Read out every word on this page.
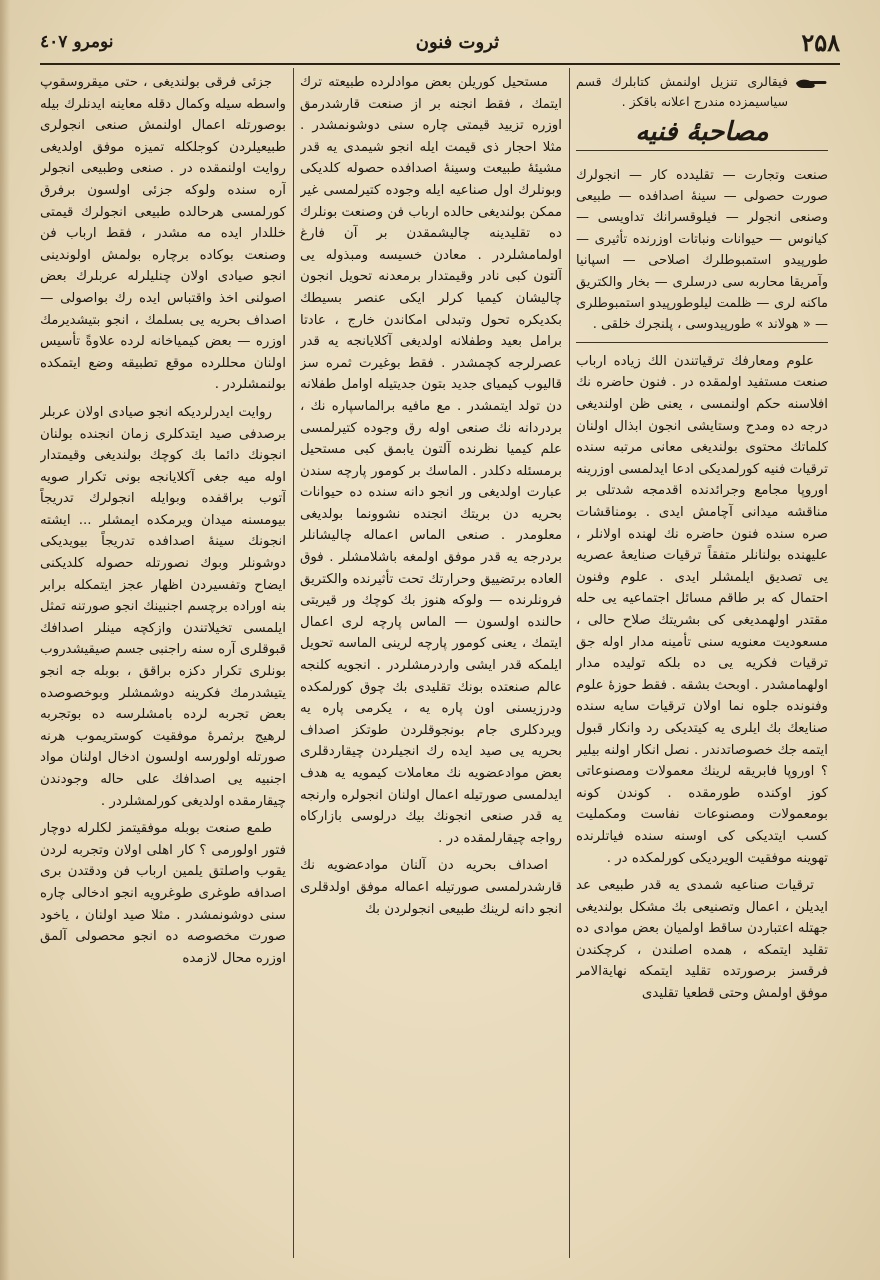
نومرو ٤٠٧	ثروت فنون	۲۵۸
فيقالرى تنزيل اولنمش كتابلرك قسم سياسيمزده مندرج اعلانه باقكز .
مصاحبۀ فنيه

صنعت وتجارت — تقليدده كار — انجولرك صورت حصولى — سينۀ اصدافده — طبيعى وصنعى انجولر — فيلوقسرانك تداويسى — كيانوس — حيوانات ونباتات اوزرنده تأثيرى — طورپيدو استمبوطلرك اصلاحى — اسپانيا وآمريقا محاربه سى درسلرى — بخار والكتريق ماكنه لرى — ظلمت ليلوطورپيدو استمبوطلرى — « هولاند » طورپيدوسى ، پلنجرك خلقى .

علوم ومعارفك ترقياتندن الك زياده ارباب صنعت مستفيد اولمقده در . فنون حاضره نك افلاسنه حكم اولنمسى ، يعنى ظن اولنديغى درجه ده ومدح وستايشى انجون ابذال اولنان كلماتك محتوى بولنديغى معانى مرتبه سنده ترقيات فنيه كورلمديكى ادعا ايدلمسى اوزرينه اوروپا مجامع وجرائدنده اقدمجه شدتلى بر مناقشه ميدانى آچامش ايدى . بومناقشات صره سنده فنون حاضره نك لهنده اولانلر ، عليهنده بولنانلر متفقاً ترقيات صنايعۀ عصريه يى تصديق ايلمشلر ايدى . علوم وفنون احتمال كه بر طاقم مسائل اجتماعيه يى حله مقتدر اولهمديغى كى بشريتك صلاح حالى ، مسعوديت معنويه سنى تأمينه مدار اوله جق ترقيات فكريه يى ده بلكه توليده مدار اولهمامشدر . اوبحث بشقه . فقط حوزۀ علوم وفنونده جلوه نما اولان ترقيات سايه سنده صنايعك بك ايلرى يه كيتديكى رد وانكار قبول ايتمه جك خصوصاتدندر . نصل انكار اولنه بيلير ؟ اوروپا فابريقه لرينك معمولات ومصنوعاتى كوز اوكنده طورمقده . كوندن كونه بومعمولات ومصنوعات نفاست ومكمليت كسب ايتديكى كى اوسنه سنده فياتلرنده تهوينه موفقيت الويرديكى كورلمكده در .

ترقيات صناعيه شمدى يه قدر طبيعى عد ايديلن ، اعمال وتصنيعى بك مشكل بولنديغى جهتله اعتباردن ساقط اولميان بعض موادى ده تقليد ايتمكه ، همده اصلندن ، كرچكندن فرقسز برصورتده تقليد ايتمكه نهايةالامر موفق اولمش وحتى قطعيا تقليدى

مستحيل كوريلن بعض موادلرده طبيعته ترك ايتمك ، فقط انجنه بر از صنعت قارشدرمق اوزره تزييد قيمتى چاره سنى دوشونمشدر . مثلا احجار ذى قيمت ايله انجو شيمدى يه قدر مشيئۀ طبيعت وسينۀ اصدافده حصوله كلديكى وبونلرك اول صناعيه ايله وجوده كتيرلمسى غير ممكن بولنديغى حالده ارباب فن وصنعت بونلرك ده تقليدينه چاليشمقدن بر آن فارغ اولمامشلردر . معادن خسيسه ومبذوله يى آلتون كبى نادر وقيمتدار برمعدنه تحويل انجون چاليشان كيميا كرلر ايكى عنصر بسيطك بكديكره تحول وتبدلى امكاندن خارج ، عادتا برامل بعيد وطفلانه اولديغى آكلايانجه يه قدر عصرلرجه كچمشدر . فقط بوغيرت ثمره سز قاليوب كيمياى جديد بتون جديتيله اوامل طفلانه دن تولد ايتمشدر . مع مافيه برالماسپاره نك ، بردردانه نك صنعى اوله رق وجوده كتيرلمسى علم كيميا نظرنده آلتون يابمق كبى مستحيل برمسئله دكلدر . الماسك بر كومور پارچه سندن عبارت اولديغى ور انجو دانه سنده ده حيوانات بحريه دن بريتك انجنده نشوونما بولديغى معلومدر . صنعى الماس اعماله چاليشانلر بردرجه يه قدر موفق اولمغه باشلامشلر . فوق العاده برتضييق وحرارتك تحت تأثيرنده والكتريق فرونلرنده — ولوكه هنوز بك كوچك ور قيريتى حالنده اولسون — الماس پارچه لرى اعمال ايتمك ، يعنى كومور پارچه لرينى الماسه تحويل ايلمكه قدر ايشى واردرمشلردر . انجويه كلنجه عالم صنعتده بونك تقليدى بك چوق كورلمكده ودرزيسنى اون پاره يه ، يكرمى پاره يه ويردكلرى جام بونجوقلردن طوتكز اصداف بحريه يى صيد ايده رك انجيلردن چيقاردقلرى بعض موادعضويه نك معاملات كيمويه يه هدف ايدلمسى صورتيله اعمال اولنان انجولره وارنجه يه قدر صنعى انجونك بيك درلوسى بازاركاه رواجه چيقارلمقده در .

اصداف بحريه دن آلنان موادعضويه نك قارشدرلمسى صورتيله اعماله موفق اولدقلرى انجو دانه لرينك طبيعى انجولردن بك

جزئى فرقى بولنديغى ، حتى ميقروسقوپ واسطه سيله وكمال دقله معاينه ايدنلرك بيله بوصورتله اعمال اولنمش صنعى انجولرى طبيعيلردن كوجلكله تميزه موفق اولديغى روايت اولنمقده در . صنعى وطبيعى انجولر آره سنده ولوكه جزئى اولسون برفرق كورلمسى هرحالده طبيعى انجولرك قيمتى خللدار ايده مه مشدر ، فقط ارباب فن وصنعت بوكاده برچاره بولمش اولوندينى انجو صيادى اولان چنليلرله عربلرك بعض اصولنى اخذ واقتباس ايده رك بواصولى — اصداف بحريه يى بسلمك ، انجو بتيشديرمك اوزره — بعض كيمياخانه لرده علاوةً تأسيس اولنان محللرده موقع تطبيقه وضع ايتمكده بولنمشلردر .

روايت ايدرلرديكه انجو صيادى اولان عربلر برصدفى صيد ايتدكلرى زمان انجنده بولنان انجونك دائما بك كوچك بولنديغى وقيمتدار اوله ميه جغى آكلايانجه بونى تكرار صويه آتوب براقفده وبوايله انجولرك تدريجاً بيومسنه ميدان ويرمكده ايمشلر ... ايشته انجونك سينۀ اصدافده تدريجاً بيويديكى دوشونلر وبوك نصورتله حصوله كلديكنى ايضاح وتفسيردن اظهار عجز ايتمكله برابر بنه اوراده برچسم اجنبينك انجو صورتنه تمثل ايلمسى تخيلاتندن وازكچه مينلر اصدافك قبوقلرى آره سنه راجنبى جسم صيقيشدروب بونلرى تكرار دكزه براقق ، بوبله جه انجو يتيشدرمك فكرينه دوشمشلر وبوخصوصده بعض تجربه لرده بامشلرسه ده بوتجربه لرهيج برثمرۀ موفقيت كوستريموب هرنه صورتله اولورسه اولسون ادخال اولنان مواد اجنبيه يى اصدافك على حاله وجودندن چيقارمقده اولديغى كورلمشلردر .

طمع صنعت بوبله موفقيتمز لكلرله دوچار فتور اولورمى ؟ كار اهلى اولان وتجربه لردن يقوب واصلتق يلمين ارباب فن ودقتدن برى اصدافه طوغرى طوغرويه انجو ادخالى چاره سنى دوشونمشدر . مثلا صيد اولنان ، ياخود صورت مخصوصه ده انجو محصولى آلمق اوزره محال لازمده
